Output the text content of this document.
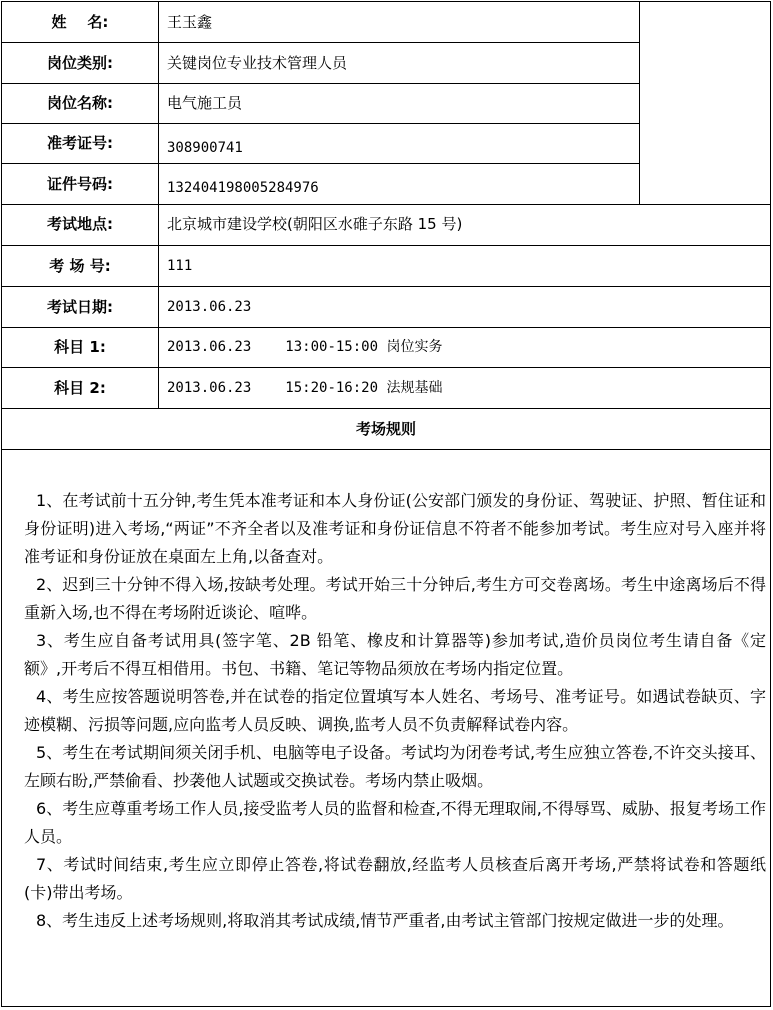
姓    名:	王玉鑫
岗位类别:	关键岗位专业技术管理人员
岗位名称:	电气施工员
准考证号:	308900741
证件号码:	132404198005284976
考试地点:	北京城市建设学校(朝阳区水碓子东路 15 号)
考 场 号:	111
考试日期:	2013.06.23
科目 1:	2013.06.23 13:00-15:00 岗位实务
科目 2:	2013.06.23 15:20-16:20 法规基础
考场规则

1、在考试前十五分钟,考生凭本准考证和本人身份证(公安部门颁发的身份证、驾驶证、护照、暂住证和身份证明)进入考场,“两证”不齐全者以及准考证和身份证信息不符者不能参加考试。考生应对号入座并将准考证和身份证放在桌面左上角,以备查对。

2、迟到三十分钟不得入场,按缺考处理。考试开始三十分钟后,考生方可交卷离场。考生中途离场后不得重新入场,也不得在考场附近谈论、喧哗。

3、考生应自备考试用具(签字笔、2B 铅笔、橡皮和计算器等)参加考试,造价员岗位考生请自备《定额》,开考后不得互相借用。书包、书籍、笔记等物品须放在考场内指定位置。

4、考生应按答题说明答卷,并在试卷的指定位置填写本人姓名、考场号、准考证号。如遇试卷缺页、字迹模糊、污损等问题,应向监考人员反映、调换,监考人员不负责解释试卷内容。

5、考生在考试期间须关闭手机、电脑等电子设备。考试均为闭卷考试,考生应独立答卷,不许交头接耳、左顾右盼,严禁偷看、抄袭他人试题或交换试卷。考场内禁止吸烟。

6、考生应尊重考场工作人员,接受监考人员的监督和检查,不得无理取闹,不得辱骂、威胁、报复考场工作人员。

7、考试时间结束,考生应立即停止答卷,将试卷翻放,经监考人员核查后离开考场,严禁将试卷和答题纸(卡)带出考场。

8、考生违反上述考场规则,将取消其考试成绩,情节严重者,由考试主管部门按规定做进一步的处理。
